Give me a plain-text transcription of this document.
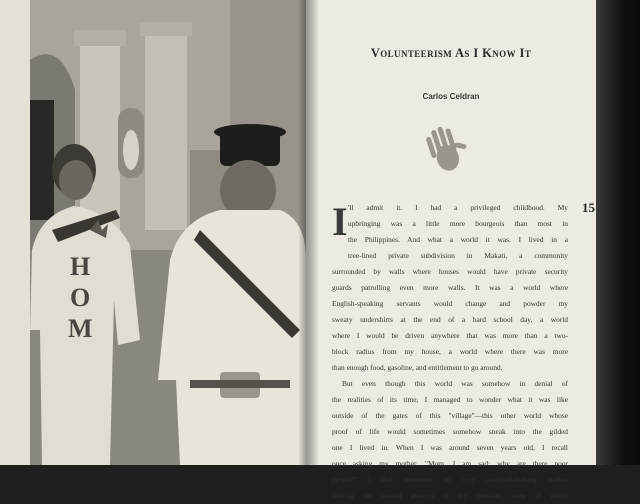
H
O
M
Volunteerism As I Know It
Carlos Celdran
I 'll admit it. I had a privileged childhood. My
upbringing was a little more bourgeois than most in
the Philippines. And what a world it was. I lived in a
tree-lined private subdivision in Makati, a community
surrounded by walls where houses would have private security
guards patrolling even more walls. It was a world where
English-speaking servants would change and powder my
sweaty undershirts at the end of a hard school day, a world
where I would be driven anywhere that was more than a two-
block radius from my house, a world where there was more
than enough food, gasoline, and entitlement to go around.
But even though this world was somehow in denial of
the realities of its time, I managed to wonder what it was like
outside of the gates of this "village"—this other world whose
proof of life would sometimes somehow sneak into the gilded
one I lived in. When I was around seven years old, I recall
once asking my mother, "Mom, I am sad; why are there poor
people?" I also remember my very confused-looking mother
dishing out several answers to my question, none of which
15
